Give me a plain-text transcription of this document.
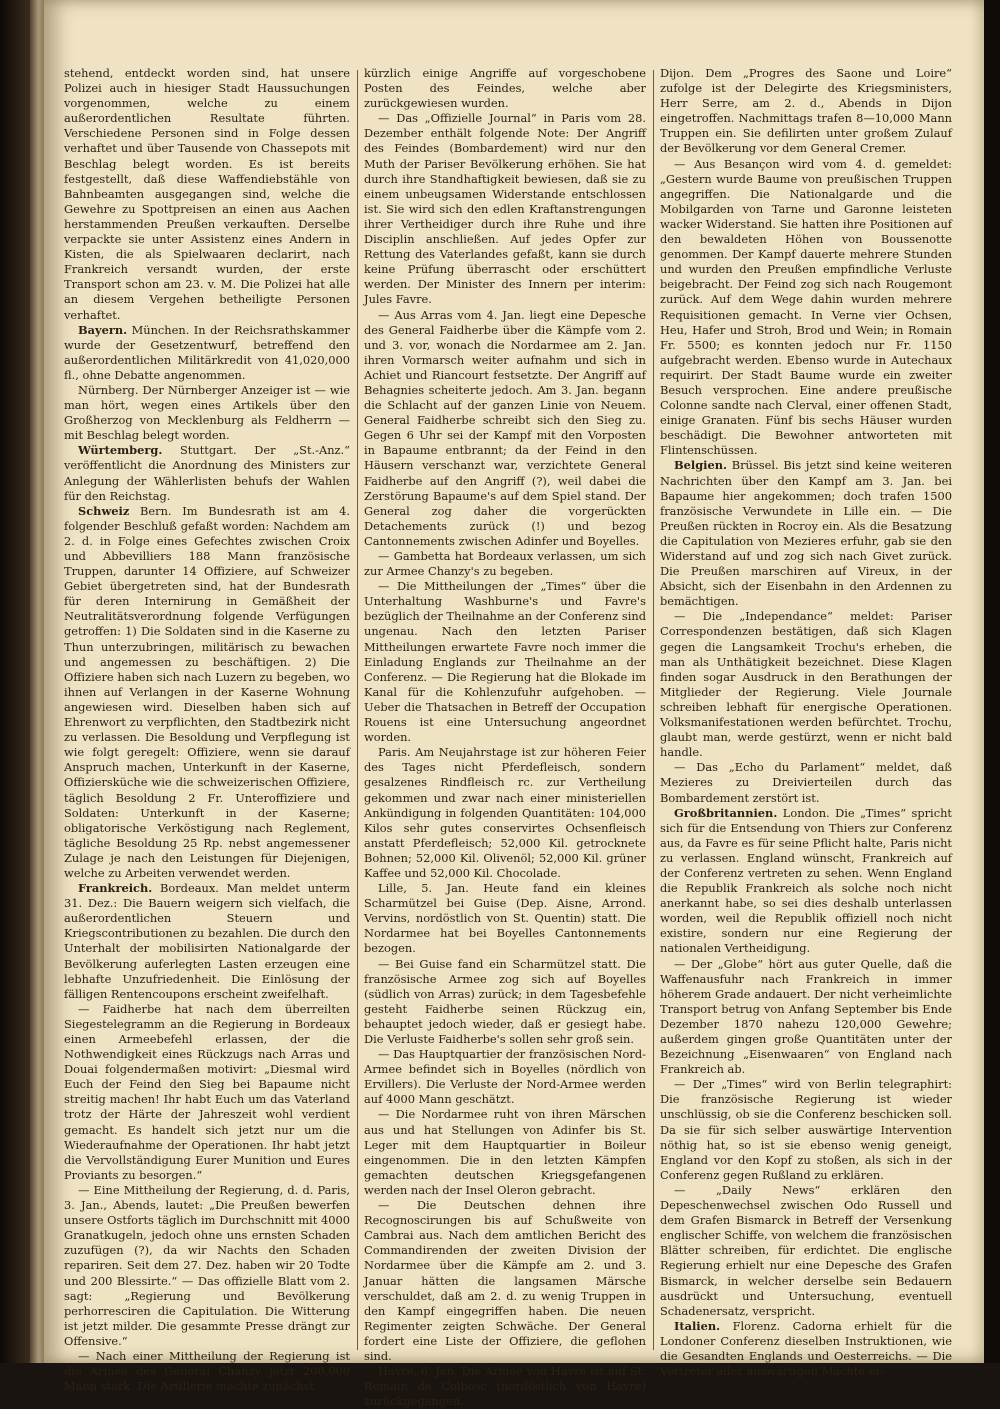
stehend, entdeckt worden sind, hat unsere Polizei auch in hiesiger Stadt Haussuchungen vorgenommen, welche zu einem außerordentlichen Resultate führten. Verschiedene Personen sind in Folge dessen verhaftet und über Tausende von Chassepots mit Beschlag belegt worden. Es ist bereits festgestellt, daß diese Waffendiebstähle von Bahnbeamten ausgegangen sind, welche die Gewehre zu Spottpreisen an einen aus Aachen herstammenden Preußen verkauften. Derselbe verpackte sie unter Assistenz eines Andern in Kisten, die als Spielwaaren declarirt, nach Frankreich versandt wurden, der erste Transport schon am 23. v. M. Die Polizei hat alle an diesem Vergehen betheiligte Personen verhaftet.

Bayern. München. In der Reichsrathskammer wurde der Gesetzentwurf, betreffend den außerordentlichen Militärkredit von 41,020,000 fl., ohne Debatte angenommen.

Nürnberg. Der Nürnberger Anzeiger ist — wie man hört, wegen eines Artikels über den Großherzog von Mecklenburg als Feldherrn — mit Beschlag belegt worden.

Würtemberg. Stuttgart. Der „St.-Anz.“ veröffentlicht die Anordnung des Ministers zur Anlegung der Wählerlisten behufs der Wahlen für den Reichstag.

Schweiz Bern. Im Bundesrath ist am 4. folgender Beschluß gefaßt worden: Nachdem am 2. d. in Folge eines Gefechtes zwischen Croix und Abbevilliers 188 Mann französische Truppen, darunter 14 Offiziere, auf Schweizer Gebiet übergetreten sind, hat der Bundesrath für deren Internirung in Gemäßheit der Neutralitätsverordnung folgende Verfügungen getroffen: 1) Die Soldaten sind in die Kaserne zu Thun unterzubringen, militärisch zu bewachen und angemessen zu beschäftigen. 2) Die Offiziere haben sich nach Luzern zu begeben, wo ihnen auf Verlangen in der Kaserne Wohnung angewiesen wird. Dieselben haben sich auf Ehrenwort zu verpflichten, den Stadtbezirk nicht zu verlassen. Die Besoldung und Verpflegung ist wie folgt geregelt: Offiziere, wenn sie darauf Anspruch machen, Unterkunft in der Kaserne, Offiziersküche wie die schweizerischen Offiziere, täglich Besoldung 2 Fr. Unteroffiziere und Soldaten: Unterkunft in der Kaserne; obligatorische Verköstigung nach Reglement, tägliche Besoldung 25 Rp. nebst angemessener Zulage je nach den Leistungen für Diejenigen, welche zu Arbeiten verwendet werden.

Frankreich. Bordeaux. Man meldet unterm 31. Dez.: Die Bauern weigern sich vielfach, die außerordentlichen Steuern und Kriegscontributionen zu bezahlen. Die durch den Unterhalt der mobilisirten Nationalgarde der Bevölkerung auferlegten Lasten erzeugen eine lebhafte Unzufriedenheit. Die Einlösung der fälligen Rentencoupons erscheint zweifelhaft.

— Faidherbe hat nach dem überreilten Siegestelegramm an die Regierung in Bordeaux einen Armeebefehl erlassen, der die Nothwendigkeit eines Rückzugs nach Arras und Douai folgendermaßen motivirt: „Diesmal wird Euch der Feind den Sieg bei Bapaume nicht streitig machen! Ihr habt Euch um das Vaterland trotz der Härte der Jahreszeit wohl verdient gemacht. Es handelt sich jetzt nur um die Wiederaufnahme der Operationen. Ihr habt jetzt die Vervollständigung Eurer Munition und Eures Proviants zu besorgen.“

— Eine Mittheilung der Regierung, d. d. Paris, 3. Jan., Abends, lautet: „Die Preußen bewerfen unsere Ostforts täglich im Durchschnitt mit 4000 Granatkugeln, jedoch ohne uns ernsten Schaden zuzufügen (?), da wir Nachts den Schaden repariren. Seit dem 27. Dez. haben wir 20 Todte und 200 Blessirte.“ — Das offizielle Blatt vom 2. sagt: „Regierung und Bevölkerung perhorresciren die Capitulation. Die Witterung ist jetzt milder. Die gesammte Presse drängt zur Offensive.“

— Nach einer Mittheilung der Regierung ist die Armee des General Chanzy jetzt 200,000 Mann stark. Die Artillerie machte zunächst

kürzlich einige Angriffe auf vorgeschobene Posten des Feindes, welche aber zurückgewiesen wurden.

— Das „Offizielle Journal“ in Paris vom 28. Dezember enthält folgende Note: Der Angriff des Feindes (Bombardement) wird nur den Muth der Pariser Bevölkerung erhöhen. Sie hat durch ihre Standhaftigkeit bewiesen, daß sie zu einem unbeugsamen Widerstande entschlossen ist. Sie wird sich den edlen Kraftanstrengungen ihrer Vertheidiger durch ihre Ruhe und ihre Disciplin anschließen. Auf jedes Opfer zur Rettung des Vaterlandes gefaßt, kann sie durch keine Prüfung überrascht oder erschüttert werden. Der Minister des Innern per interim: Jules Favre.

— Aus Arras vom 4. Jan. liegt eine Depesche des General Faidherbe über die Kämpfe vom 2. und 3. vor, wonach die Nordarmee am 2. Jan. ihren Vormarsch weiter aufnahm und sich in Achiet und Riancourt festsetzte. Der Angriff auf Behagnies scheiterte jedoch. Am 3. Jan. begann die Schlacht auf der ganzen Linie von Neuem. General Faidherbe schreibt sich den Sieg zu. Gegen 6 Uhr sei der Kampf mit den Vorposten in Bapaume entbrannt; da der Feind in den Häusern verschanzt war, verzichtete General Faidherbe auf den Angriff (?), weil dabei die Zerstörung Bapaume's auf dem Spiel stand. Der General zog daher die vorgerückten Detachements zurück (!) und bezog Cantonnements zwischen Adinfer und Boyelles.

— Gambetta hat Bordeaux verlassen, um sich zur Armee Chanzy's zu begeben.

— Die Mittheilungen der „Times“ über die Unterhaltung Washburne's und Favre's bezüglich der Theilnahme an der Conferenz sind ungenau. Nach den letzten Pariser Mittheilungen erwartete Favre noch immer die Einladung Englands zur Theilnahme an der Conferenz. — Die Regierung hat die Blokade im Kanal für die Kohlenzufuhr aufgehoben. — Ueber die Thatsachen in Betreff der Occupation Rouens ist eine Untersuchung angeordnet worden.

Paris. Am Neujahrstage ist zur höheren Feier des Tages nicht Pferdefleisch, sondern gesalzenes Rindfleisch rc. zur Vertheilung gekommen und zwar nach einer ministeriellen Ankündigung in folgenden Quantitäten: 104,000 Kilos sehr gutes conservirtes Ochsenfleisch anstatt Pferdefleisch; 52,000 Kil. getrocknete Bohnen; 52,000 Kil. Olivenöl; 52,000 Kil. grüner Kaffee und 52,000 Kil. Chocolade.

Lille, 5. Jan. Heute fand ein kleines Scharmützel bei Guise (Dep. Aisne, Arrond. Vervins, nordöstlich von St. Quentin) statt. Die Nordarmee hat bei Boyelles Cantonnements bezogen.

— Bei Guise fand ein Scharmützel statt. Die französische Armee zog sich auf Boyelles (südlich von Arras) zurück; in dem Tagesbefehle gesteht Faidherbe seinen Rückzug ein, behauptet jedoch wieder, daß er gesiegt habe. Die Verluste Faidherbe's sollen sehr groß sein.

— Das Hauptquartier der französischen Nord-Armee befindet sich in Boyelles (nördlich von Ervillers). Die Verluste der Nord-Armee werden auf 4000 Mann geschätzt.

— Die Nordarmee ruht von ihren Märschen aus und hat Stellungen von Adinfer bis St. Leger mit dem Hauptquartier in Boileur eingenommen. Die in den letzten Kämpfen gemachten deutschen Kriegsgefangenen werden nach der Insel Oleron gebracht.

— Die Deutschen dehnen ihre Recognoscirungen bis auf Schußweite von Cambrai aus. Nach dem amtlichen Bericht des Commandirenden der zweiten Division der Nordarmee über die Kämpfe am 2. und 3. Januar hätten die langsamen Märsche verschuldet, daß am 2. d. zu wenig Truppen in den Kampf eingegriffen haben. Die neuen Regimenter zeigten Schwäche. Der General fordert eine Liste der Offiziere, die geflohen sind.

Havre, 6. Jan. Die Armee von Havre ist auf St. Romain de Colbosc (nordöstlich von Havre) zurückgegangen.

Dijon. Dem „Progres des Saone und Loire“ zufolge ist der Delegirte des Kriegsministers, Herr Serre, am 2. d., Abends in Dijon eingetroffen. Nachmittags trafen 8—10,000 Mann Truppen ein. Sie defilirten unter großem Zulauf der Bevölkerung vor dem General Cremer.

— Aus Besançon wird vom 4. d. gemeldet: „Gestern wurde Baume von preußischen Truppen angegriffen. Die Nationalgarde und die Mobilgarden von Tarne und Garonne leisteten wacker Widerstand. Sie hatten ihre Positionen auf den bewaldeten Höhen von Boussenotte genommen. Der Kampf dauerte mehrere Stunden und wurden den Preußen empfindliche Verluste beigebracht. Der Feind zog sich nach Rougemont zurück. Auf dem Wege dahin wurden mehrere Requisitionen gemacht. In Verne vier Ochsen, Heu, Hafer und Stroh, Brod und Wein; in Romain Fr. 5500; es konnten jedoch nur Fr. 1150 aufgebracht werden. Ebenso wurde in Autechaux requirirt. Der Stadt Baume wurde ein zweiter Besuch versprochen. Eine andere preußische Colonne sandte nach Clerval, einer offenen Stadt, einige Granaten. Fünf bis sechs Häuser wurden beschädigt. Die Bewohner antworteten mit Flintenschüssen.

Belgien. Brüssel. Bis jetzt sind keine weiteren Nachrichten über den Kampf am 3. Jan. bei Bapaume hier angekommen; doch trafen 1500 französische Verwundete in Lille ein. — Die Preußen rückten in Rocroy ein. Als die Besatzung die Capitulation von Mezieres erfuhr, gab sie den Widerstand auf und zog sich nach Givet zurück. Die Preußen marschiren auf Vireux, in der Absicht, sich der Eisenbahn in den Ardennen zu bemächtigen.

— Die „Independance“ meldet: Pariser Correspondenzen bestätigen, daß sich Klagen gegen die Langsamkeit Trochu's erheben, die man als Unthätigkeit bezeichnet. Diese Klagen finden sogar Ausdruck in den Berathungen der Mitglieder der Regierung. Viele Journale schreiben lebhaft für energische Operationen. Volksmanifestationen werden befürchtet. Trochu, glaubt man, werde gestürzt, wenn er nicht bald handle.

— Das „Echo du Parlament“ meldet, daß Mezieres zu Dreivierteilen durch das Bombardement zerstört ist.

Großbritannien. London. Die „Times“ spricht sich für die Entsendung von Thiers zur Conferenz aus, da Favre es für seine Pflicht halte, Paris nicht zu verlassen. England wünscht, Frankreich auf der Conferenz vertreten zu sehen. Wenn England die Republik Frankreich als solche noch nicht anerkannt habe, so sei dies deshalb unterlassen worden, weil die Republik offiziell noch nicht existire, sondern nur eine Regierung der nationalen Vertheidigung.

— Der „Globe“ hört aus guter Quelle, daß die Waffenausfuhr nach Frankreich in immer höherem Grade andauert. Der nicht verheimlichte Transport betrug von Anfang September bis Ende Dezember 1870 nahezu 120,000 Gewehre; außerdem gingen große Quantitäten unter der Bezeichnung „Eisenwaaren“ von England nach Frankreich ab.

— Der „Times“ wird von Berlin telegraphirt: Die französische Regierung ist wieder unschlüssig, ob sie die Conferenz beschicken soll. Da sie für sich selber auswärtige Intervention nöthig hat, so ist sie ebenso wenig geneigt, England vor den Kopf zu stoßen, als sich in der Conferenz gegen Rußland zu erklären.

— „Daily News“ erklären den Depeschenwechsel zwischen Odo Russell und dem Grafen Bismarck in Betreff der Versenkung englischer Schiffe, von welchem die französischen Blätter schreiben, für erdichtet. Die englische Regierung erhielt nur eine Depesche des Grafen Bismarck, in welcher derselbe sein Bedauern ausdrückt und Untersuchung, eventuell Schadenersatz, verspricht.

Italien. Florenz. Cadorna erhielt für die Londoner Conferenz dieselben Instruktionen, wie die Gesandten Englands und Oesterreichs. — Die Vertreter aller auswärtigen Mächte er-
